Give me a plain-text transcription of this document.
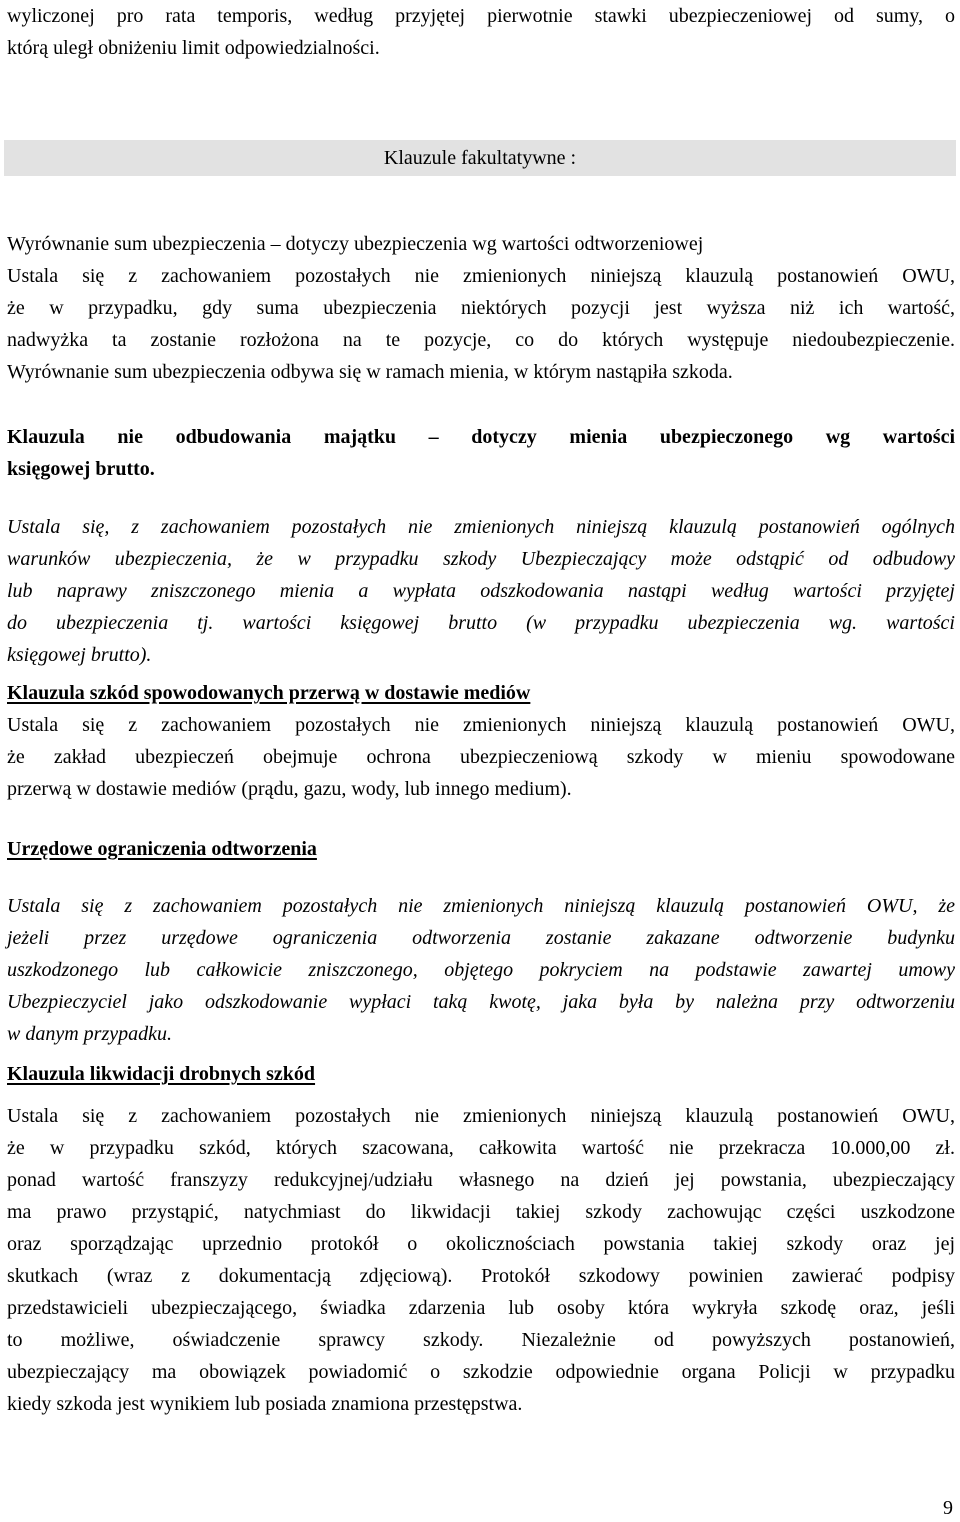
wyliczonej pro rata temporis, według przyjętej pierwotnie stawki ubezpieczeniowej od sumy, o
którą uległ obniżeniu limit odpowiedzialności.
Klauzule fakultatywne :
Wyrównanie sum ubezpieczenia – dotyczy ubezpieczenia wg wartości odtworzeniowej
Ustala się z zachowaniem pozostałych nie zmienionych niniejszą klauzulą postanowień OWU,
że w przypadku, gdy suma ubezpieczenia niektórych pozycji jest wyższa niż ich wartość,
nadwyżka ta zostanie rozłożona na te pozycje, co do których występuje niedoubezpieczenie.
Wyrównanie sum ubezpieczenia odbywa się w ramach mienia, w którym nastąpiła szkoda.
Klauzula nie odbudowania majątku – dotyczy mienia ubezpieczonego wg wartości
księgowej brutto.
Ustala się, z zachowaniem pozostałych nie zmienionych niniejszą klauzulą postanowień ogólnych
warunków ubezpieczenia, że w przypadku szkody Ubezpieczający może odstąpić od odbudowy
lub naprawy zniszczonego mienia a wypłata odszkodowania nastąpi według wartości przyjętej
do ubezpieczenia tj. wartości księgowej brutto (w przypadku ubezpieczenia wg. wartości
księgowej brutto).
Klauzula szkód spowodowanych przerwą w dostawie mediów
Ustala się z zachowaniem pozostałych nie zmienionych niniejszą klauzulą postanowień OWU,
że zakład ubezpieczeń obejmuje ochrona ubezpieczeniową szkody w mieniu spowodowane
przerwą w dostawie mediów (prądu, gazu, wody, lub innego medium).
Urzędowe ograniczenia odtworzenia
Ustala się z zachowaniem pozostałych nie zmienionych niniejszą klauzulą postanowień OWU, że
jeżeli przez urzędowe ograniczenia odtworzenia zostanie zakazane odtworzenie budynku
uszkodzonego lub całkowicie zniszczonego, objętego pokryciem na podstawie zawartej umowy
Ubezpieczyciel jako odszkodowanie wypłaci taką kwotę, jaka była by należna przy odtworzeniu
w danym przypadku.
Klauzula likwidacji drobnych szkód
Ustala się z zachowaniem pozostałych nie zmienionych niniejszą klauzulą postanowień OWU,
że w przypadku szkód, których szacowana, całkowita wartość nie przekracza 10.000,00 zł.
ponad wartość franszyzy redukcyjnej/udziału własnego na dzień jej powstania, ubezpieczający
ma prawo przystąpić, natychmiast do likwidacji takiej szkody zachowując części uszkodzone
oraz sporządzając uprzednio protokół o okolicznościach powstania takiej szkody oraz jej
skutkach (wraz z dokumentacją zdjęciową). Protokół szkodowy powinien zawierać podpisy
przedstawicieli ubezpieczającego, świadka zdarzenia lub osoby która wykryła szkodę oraz, jeśli
to możliwe, oświadczenie sprawcy szkody. Niezależnie od powyższych postanowień,
ubezpieczający ma obowiązek powiadomić o szkodzie odpowiednie organa Policji w przypadku
kiedy szkoda jest wynikiem lub posiada znamiona przestępstwa.
9
